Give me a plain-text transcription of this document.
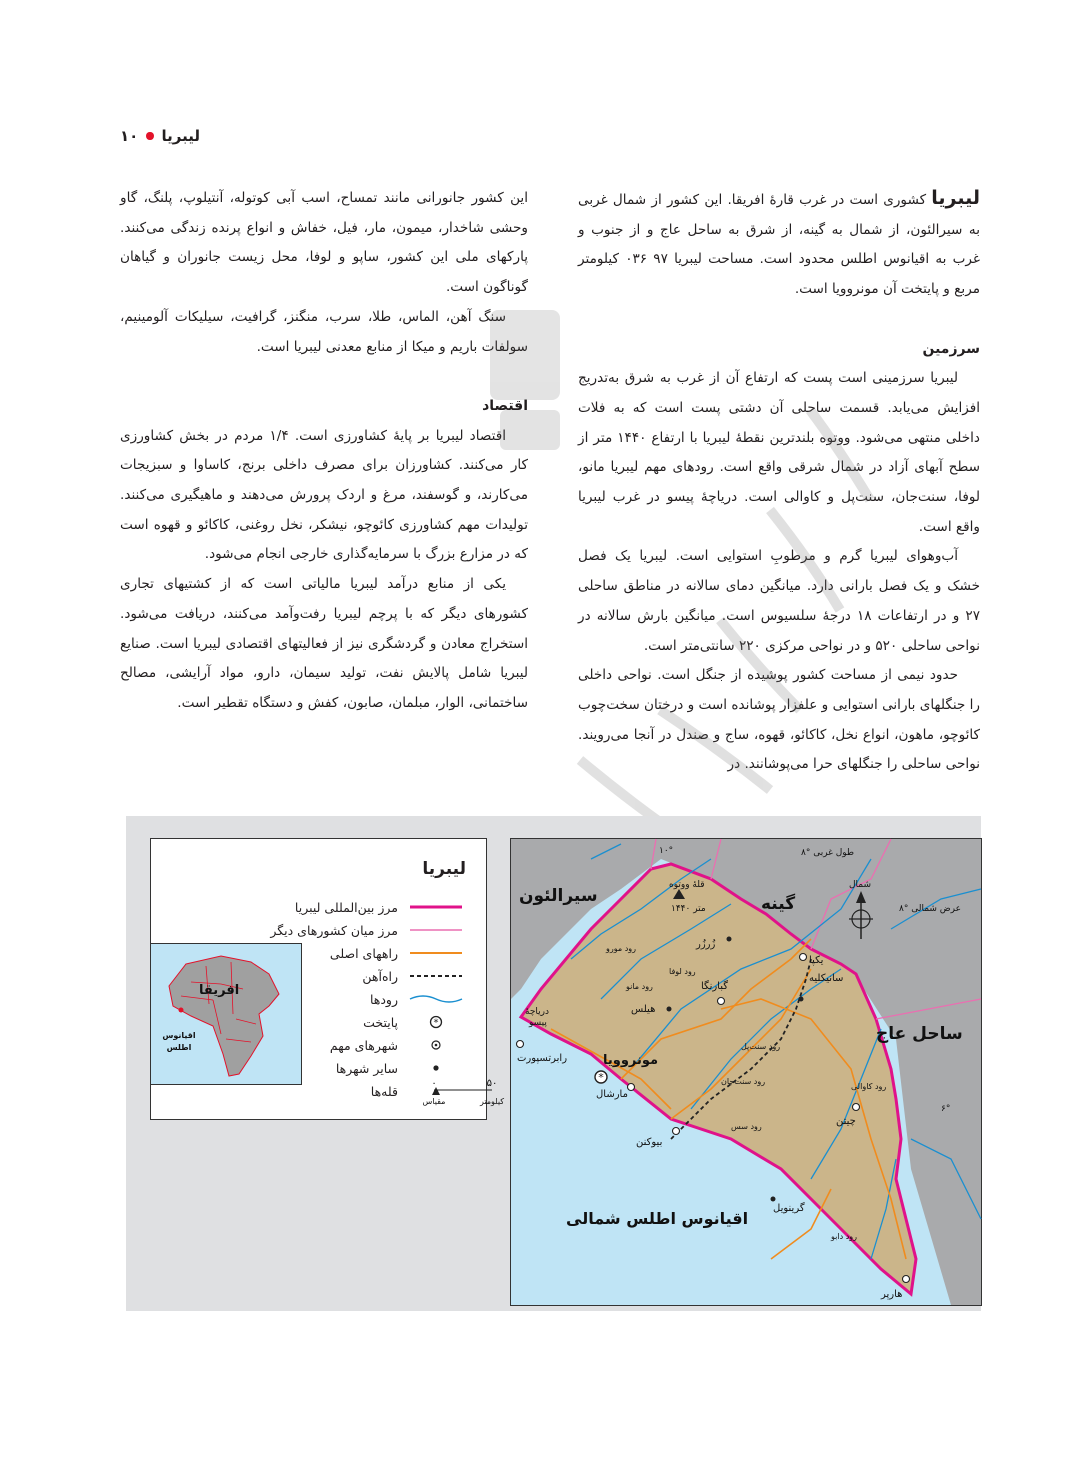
لیبریا
۱۰

لیبریا کشوری است در غرب قارهٔ افریقا. این کشور از شمال غربی به سیرالئون، از شمال به گینه، از شرق به ساحل عاج و از جنوب و غرب به اقیانوس اطلس محدود است. مساحت لیبریا ۹۷ ۰۳۶ کیلومتر مربع و پایتخت آن مونروویا است.

سرزمین

لیبریا سرزمینی است پست که ارتفاع آن از غرب به شرق به‌تدریج افزایش می‌یابد. قسمت ساحلی آن دشتی پست است که به فلات داخلی منتهی می‌شود. ووتوه بلندترین نقطهٔ لیبریا با ارتفاع ۱۴۴۰ متر از سطح آبهای آزاد در شمال شرقی واقع است. رودهای مهم لیبریا مانو، لوفا، سنت‌جان، سنت‌پل و کاوالی است. دریاچهٔ پیسو در غرب لیبریا واقع است.

آب‌وهوای لیبریا گرم و مرطوبِ استوایی است. لیبریا یک فصل خشک و یک فصل بارانی دارد. میانگین دمای سالانه در مناطق ساحلی ۲۷ و در ارتفاعات ۱۸ درجهٔ سلسیوس است. میانگین بارش سالانه در نواحی ساحلی ۵۲۰ و در نواحی مرکزی ۲۲۰ سانتی‌متر است.

حدود نیمی از مساحت کشور پوشیده از جنگل است. نواحی داخلی را جنگلهای بارانی استوایی و علفزار پوشانده است و درختان سخت‌چوب کائوچو، ماهون، انواع نخل، کاکائو، قهوه، ساج و صندل در آنجا می‌رویند. نواحی ساحلی را جنگلهای حرا می‌پوشانند. در

این کشور جانورانی مانند تمساح، اسب آبی کوتوله، آنتیلوپ، پلنگ، گاو وحشی شاخدار، میمون، مار، فیل، خفاش و انواع پرنده زندگی می‌کنند. پارکهای ملی این کشور، ساپو و لوفا، محل زیست جانوران و گیاهان گوناگون است.

سنگ آهن، الماس، طلا، سرب، منگنز، گرافیت، سیلیکات آلومینیم، سولفات باریم و میکا از منابع معدنی لیبریا است.

اقتصاد

اقتصاد لیبریا بر پایهٔ کشاورزی است. ۱/۴ مردم در بخش کشاورزی کار می‌کنند. کشاورزان برای مصرف داخلی برنج، کاساوا و سبزیجات می‌کارند، و گوسفند، مرغ و اردک پرورش می‌دهند و ماهیگیری می‌کنند. تولیدات مهم کشاورزی کائوچو، نیشکر، نخل روغنی، کاکائو و قهوه است که در مزارع بزرگ با سرمایه‌گذاری خارجی انجام می‌شود.

یکی از منابع درآمد لیبریا مالیاتی است که از کشتیهای تجاری کشورهای دیگر که با پرچم لیبریا رفت‌وآمد می‌کنند، دریافت می‌شود. استخراج معادن و گردشگری نیز از فعالیتهای اقتصادی لیبریا است. صنایع لیبریا شامل پالایش نفت، تولید سیمان، دارو، مواد آرایشی، مصالح ساختمانی، الوار، مبلمان، صابون، کفش و دستگاه تقطیر است.

لیبریا
مرز بین‌المللی لیبریا
مرز میان کشورهای دیگر
راههای اصلی
راه‌آهن
رودها
*
پایتخت
شهرهای مهم
سایر شهرها
قله‌ها
افریقا
اقیانوس
اطلس
۵۰
۰
کیلومتر
مقیاس
۱۰°	۸° طول غربی
۸° عرض شمالی
۶°
سیرالئون	گینه
ساحل عاج
اقیانوس اطلس شمالی
شمال
قلهٔ ووتوه
۱۴۴۰ متر
دریاچهٔ
پیسو
*
مونروویا
زُرزُر
یکپا
سانیکلیه
گبارنگا
هیلس
رابرتسپورت
مارشال
بیوکنن
چیتن
گرینویل
هارپر
رود مورو
رود لوفا
رود مانو
رود سنت‌پل
رود سنت‌جان
رود سس
رود کاوالی
رود دابو
